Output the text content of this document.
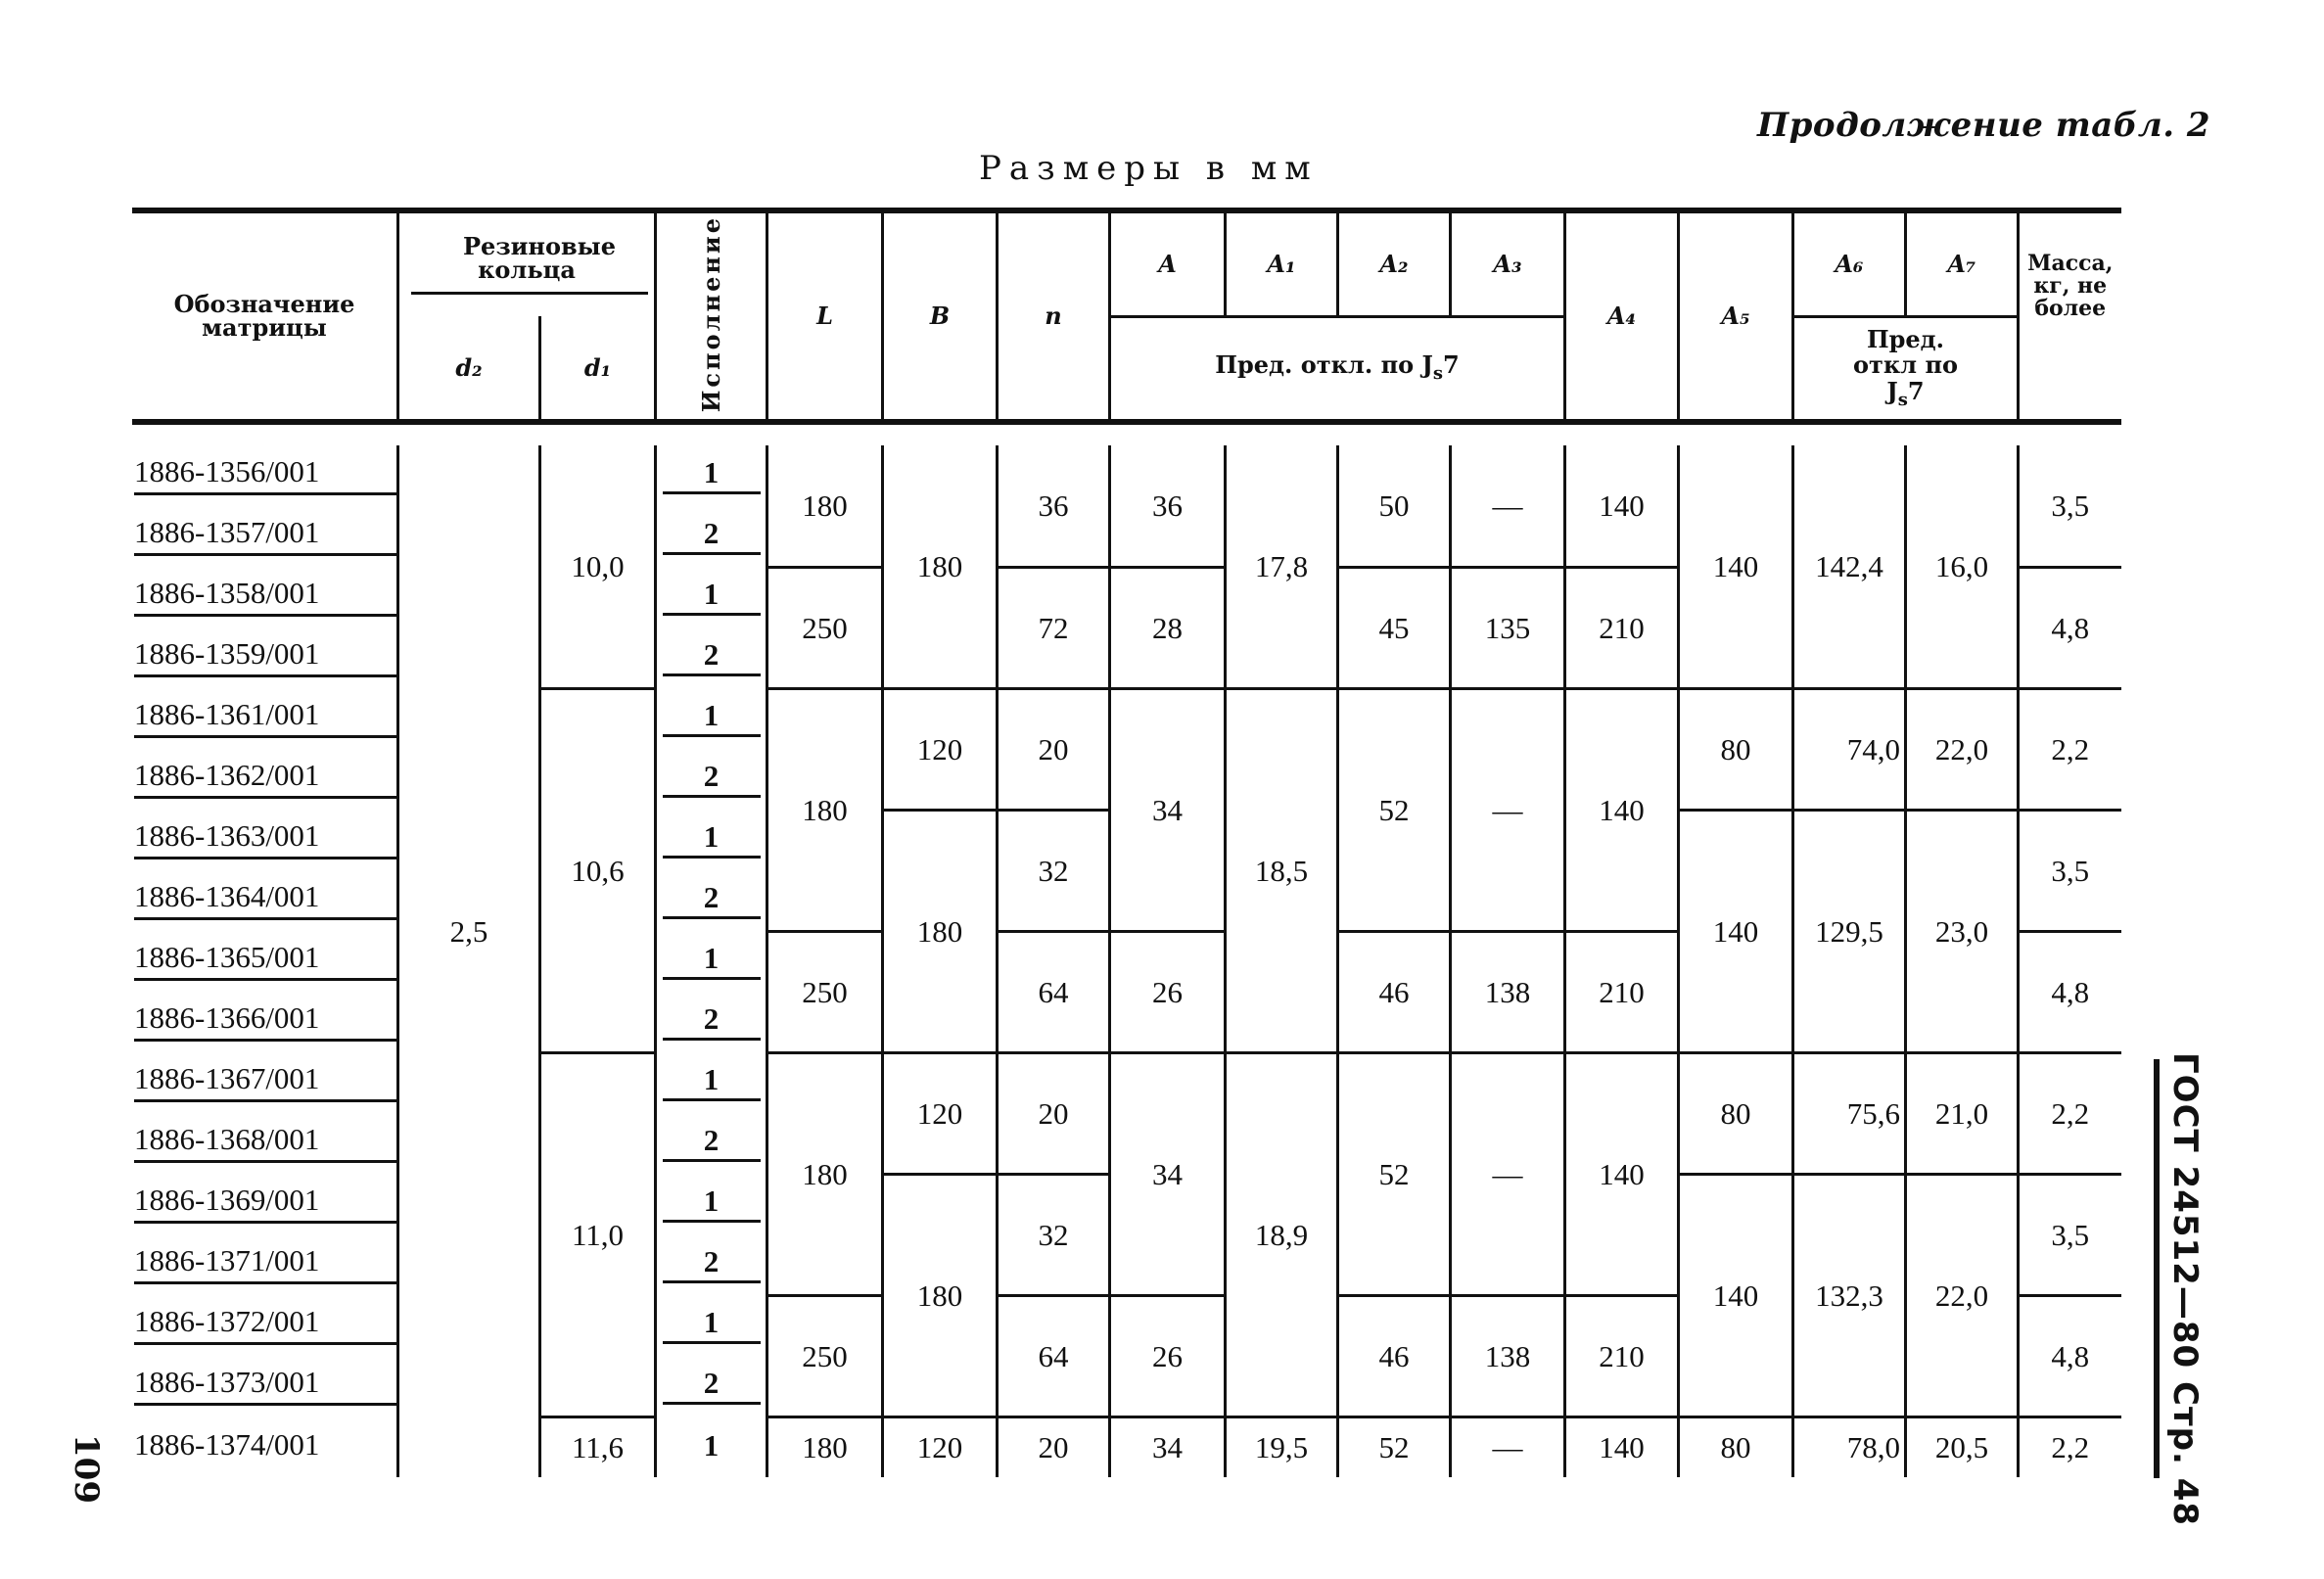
Продолжение табл. 2
Размеры в мм
Обозначение матрицы	Резиновые кольца		Исполнение	L	B	n	A	A₁	A₂	A₃	A₄	A₅	A₆	A₇	Масса, кг, не более
	d₂	d₁					Пред. откл. по $J_s7$						Пред. откл по $J_s7$		

1886-1356/001	2,5	10,0	1	180	180	36	36	17,8	50	—	140	140	142,4	16,0	3,5
1886-1357/001			2												
1886-1358/001			1	250		72	28		45	135	210				4,8
1886-1359/001			2												
1886-1361/001		10,6	1	180	120	20	34	18,5	52	—	140	80	74,0	22,0	2,2
1886-1362/001			2												
1886-1363/001			1		180	32						140	129,5	23,0	3,5
1886-1364/001			2												
1886-1365/001			1	250		64	26		46	138	210				4,8
1886-1366/001			2												
1886-1367/001		11,0	1	180	120	20	34	18,9	52	—	140	80	75,6	21,0	2,2
1886-1368/001			2												
1886-1369/001			1		180	32						140	132,3	22,0	3,5
1886-1371/001			2												
1886-1372/001			1	250		64	26		46	138	210				4,8
1886-1373/001			2												
1886-1374/001		11,6	1	180	120	20	34	19,5	52	—	140	80	78,0	20,5	2,2 ГОСТ 24512—80 Стр. 48
109
